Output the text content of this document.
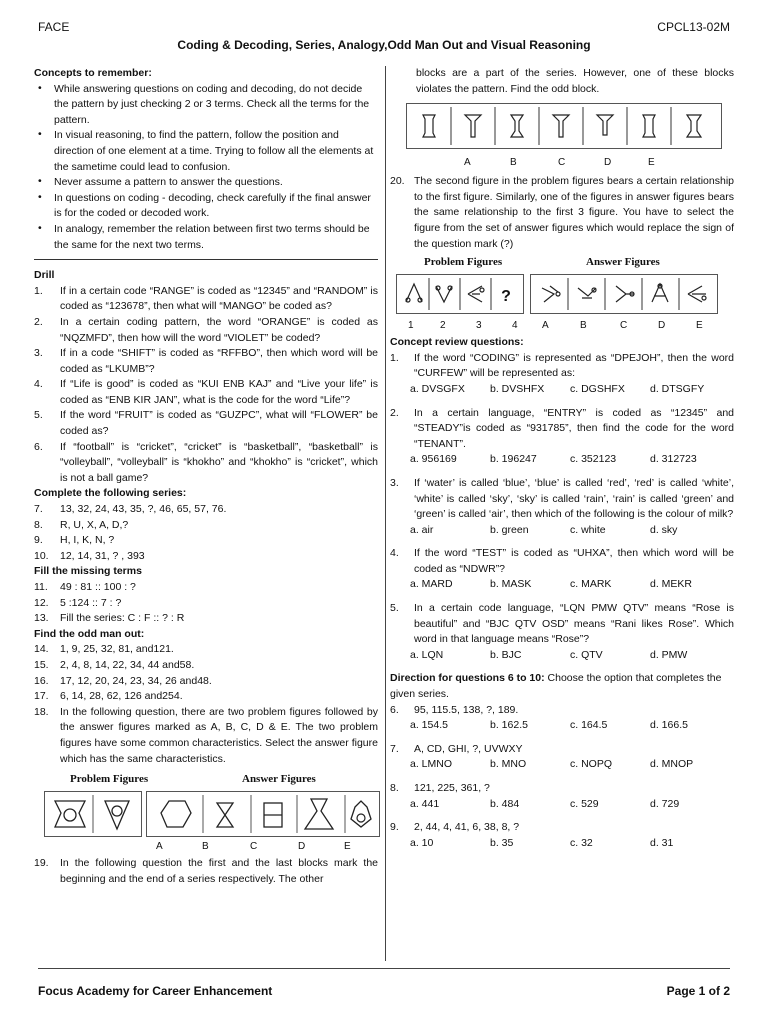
FACE	CPCL13-02M
Coding & Decoding, Series, Analogy,Odd Man Out and Visual Reasoning

Concepts to remember:

•	While answering questions on coding and decoding, do not decide the pattern by just checking 2 or 3 terms. Check all the terms for the pattern.

•	In visual reasoning, to find the pattern, follow the position and direction of one element at a time. Trying to follow all the elements at the sametime could lead to confusion.

•	Never assume a pattern to answer the questions.

•	In questions on coding - decoding, check carefully if the final answer is for the coded or decoded work.

•	In analogy, remember the relation between first two terms should be the same for the next two terms.

Drill

1.	If in a certain code “RANGE” is coded as “12345” and “RANDOM” is coded as “123678”, then what will “MANGO” be coded as?
2.	In a certain coding pattern, the word “ORANGE” is coded as “NQZMFD”, then how will the word “VIOLET” be coded?
3.	If in a code “SHIFT” is coded as “RFFBO”, then which word will be coded as “LKUMB”?
4.	If “Life is good” is coded as “KUI ENB KAJ” and “Live your life” is coded as “ENB KIR JAN”, what is the code for the word “Life”?
5.	If the word “FRUIT” is coded as “GUZPC”, what will “FLOWER” be coded as?
6.	If “football” is “cricket”, “cricket” is “basketball”, “basketball” is “volleyball”, “volleyball” is “khokho” and “khokho” is “cricket”, which is not a ball game?

Complete the following series:

7.	13, 32, 24, 43, 35, ?, 46, 65, 57, 76.
8.	R, U, X, A, D,?
9.	H, I, K, N, ?
10.	12, 14, 31, ? , 393

Fill the missing terms

11.	49 : 81 :: 100 : ?
12.	5 :124 :: 7 : ?
13.	Fill the series: C : F :: ? : R

Find the odd man out:

14.	1, 9, 25, 32, 81, and121.
15.	2, 4, 8, 14, 22, 34, 44 and58.
16.	17, 12, 20, 24, 23, 34, 26 and48.
17.	6, 14, 28, 62, 126 and254.
18.	In the following question, there are two problem figures followed by the answer figures marked as A, B, C, D & E. The two problem figures have some common characteristics. Select the answer figure which has the same characteristics.
Problem Figures	Answer Figures
A	B	C	D	E
19.	In the following question the first and the last blocks mark the beginning and the end of a series respectively. The other
blocks are a part of the series. However, one of these blocks violates the pattern. Find the odd block.
A	B	C	D	E
20. The second figure in the problem figures bears a certain relationship to the first figure. Similarly, one of the figures in answer figures bears the same relationship to the first 3 figure. You have to select the figure from the set of answer figures which would replace the sign of the question mark (?)
Problem Figures	Answer Figures
?
1	2	3	4	A	B	C	D	E

Concept review questions:

1.	If the word “CODING” is represented as “DPEJOH”, then the word “CURFEW” will be represented as:
a. DVSGFX	b. DVSHFX	c. DGSHFX	d. DTSGFY
2.	In a certain language, “ENTRY” is coded as “12345” and “STEADY”is coded as “931785”, then find the code for the word “TENANT”.
a. 956169	b. 196247	c. 352123	d. 312723
3.	If ‘water’ is called ‘blue’, ‘blue’ is called ‘red’, ‘red’ is called ‘white’, ‘white’ is called ‘sky’, ‘sky’ is called ‘rain’, ‘rain’ is called ‘green’ and ‘green’ is called ‘air’, then which of the following is the colour of milk?
a. air	b. green	c. white	d. sky
4.	If the word “TEST” is coded as “UHXA”, then which word will be coded as “NDWR”?
a. MARD	b. MASK	c. MARK	d. MEKR
5.	In a certain code language, “LQN PMW QTV” means “Rose is beautiful” and “BJC QTV OSD” means “Rani likes Rose”. Which word in that language means “Rose”?
a. LQN	b. BJC	c. QTV	d. PMW

Direction for questions 6 to 10: Choose the option that completes the given series.

6.	95, 115.5, 138, ?, 189.
a. 154.5	b. 162.5	c. 164.5	d. 166.5
7.	A, CD, GHI, ?, UVWXY
a. LMNO	b. MNO	c. NOPQ	d. MNOP
8.	121, 225, 361, ?
a. 441	b. 484	c. 529	d. 729
9.	2, 44, 4, 41, 6, 38, 8, ?
a. 10	b. 35	c. 32	d. 31
Focus Academy for Career Enhancement	Page 1 of 2
